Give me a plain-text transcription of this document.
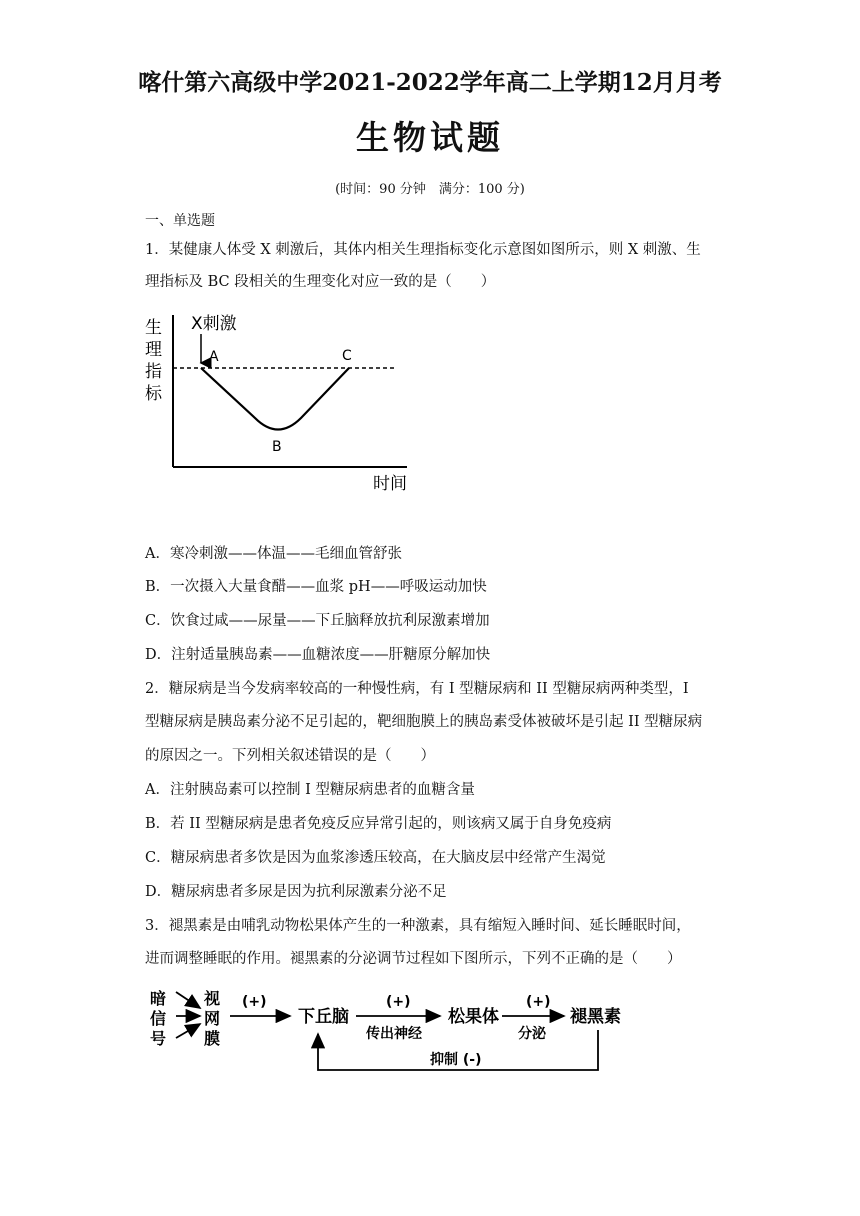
喀什第六高级中学2021-2022学年高二上学期12月月考
生物试题
(时间：90 分钟　满分：100 分)
一、单选题
1．某健康人体受 X 刺激后，其体内相关生理指标变化示意图如图所示，则 X 刺激、生
理指标及 BC 段相关的生理变化对应一致的是（　　）
生
理
指
标
时间
X刺激
A
B
C
A．寒冷刺激——体温——毛细血管舒张
B．一次摄入大量食醋——血浆 pH——呼吸运动加快
C．饮食过咸——尿量——下丘脑释放抗利尿激素增加
D．注射适量胰岛素——血糖浓度——肝糖原分解加快
2．糖尿病是当今发病率较高的一种慢性病，有 I 型糖尿病和 II 型糖尿病两种类型，I
型糖尿病是胰岛素分泌不足引起的，靶细胞膜上的胰岛素受体被破坏是引起 II 型糖尿病
的原因之一。下列相关叙述错误的是（　　）
A．注射胰岛素可以控制 I 型糖尿病患者的血糖含量
B．若 II 型糖尿病是患者免疫反应异常引起的，则该病又属于自身免疫病
C．糖尿病患者多饮是因为血浆渗透压较高，在大脑皮层中经常产生渴觉
D．糖尿病患者多尿是因为抗利尿激素分泌不足
3．褪黑素是由哺乳动物松果体产生的一种激素，具有缩短入睡时间、延长睡眠时间，
进而调整睡眠的作用。褪黑素的分泌调节过程如下图所示，下列不正确的是（　　）
暗
信
号
视
网
膜
(+)
下丘脑
(+)
传出神经
松果体
(+)
分泌
褪黑素
抑制 (-)
